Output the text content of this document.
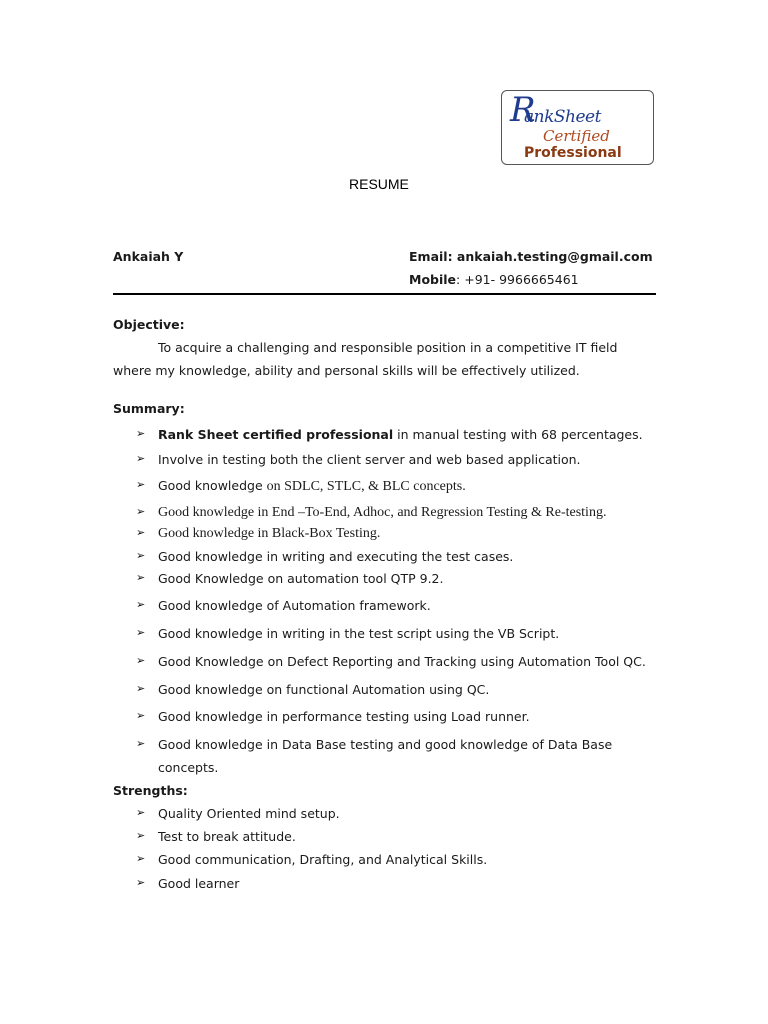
R
ankSheet
Certified
Professional
RESUME
Ankaiah Y	Email: ankaiah.testing@gmail.com
Mobile: +91- 9966665461
Objective:
To acquire a challenging and responsible position in a competitive IT field
where my knowledge, ability and personal skills will be effectively utilized.
Summary:
➢ Rank Sheet certified professional in manual testing with 68 percentages.
➢ Involve in testing both the client server and web based application.
➢ Good knowledge on SDLC, STLC, & BLC concepts.
➢ Good knowledge in End –To-End, Adhoc, and Regression Testing & Re-testing.
➢ Good knowledge in Black-Box Testing.
➢ Good knowledge in writing and executing the test cases.
➢ Good Knowledge on automation tool QTP 9.2.
➢ Good knowledge of Automation framework.
➢ Good knowledge in writing in the test script using the VB Script.
➢ Good Knowledge on Defect Reporting and Tracking using Automation Tool QC.
➢ Good knowledge on functional Automation using QC.
➢ Good knowledge in performance testing using Load runner.
➢ Good knowledge in Data Base testing and good knowledge of Data Base
concepts.
Strengths:
➢ Quality Oriented mind setup.
➢ Test to break attitude.
➢ Good communication, Drafting, and Analytical Skills.
➢ Good learner
